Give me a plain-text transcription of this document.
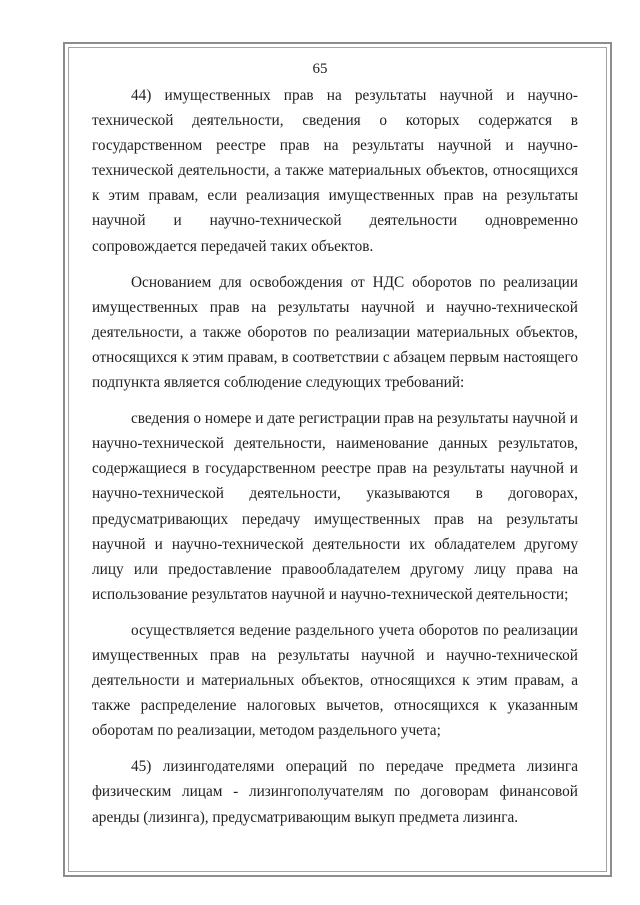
65

44) имущественных прав на результаты научной и научно-технической деятельности, сведения о которых содержатся в государственном реестре прав на результаты научной и научно-технической деятельности, а также материальных объектов, относящихся к этим правам, если реализация имущественных прав на результаты научной и научно-технической деятельности одновременно сопровождается передачей таких объектов.

Основанием для освобождения от НДС оборотов по реализации имущественных прав на результаты научной и научно-технической деятельности, а также оборотов по реализации материальных объектов, относящихся к этим правам, в соответствии с абзацем первым настоящего подпункта является соблюдение следующих требований:

сведения о номере и дате регистрации прав на результаты научной и научно-технической деятельности, наименование данных результатов, содержащиеся в государственном реестре прав на результаты научной и научно-технической деятельности, указываются в договорах, предусматривающих передачу имущественных прав на результаты научной и научно-технической деятельности их обладателем другому лицу или предоставление правообладателем другому лицу права на использование результатов научной и научно-технической деятельности;

осуществляется ведение раздельного учета оборотов по реализации имущественных прав на результаты научной и научно-технической деятельности и материальных объектов, относящихся к этим правам, а также распределение налоговых вычетов, относящихся к указанным оборотам по реализации, методом раздельного учета;

45) лизингодателями операций по передаче предмета лизинга физическим лицам - лизингополучателям по договорам финансовой аренды (лизинга), предусматривающим выкуп предмета лизинга.
